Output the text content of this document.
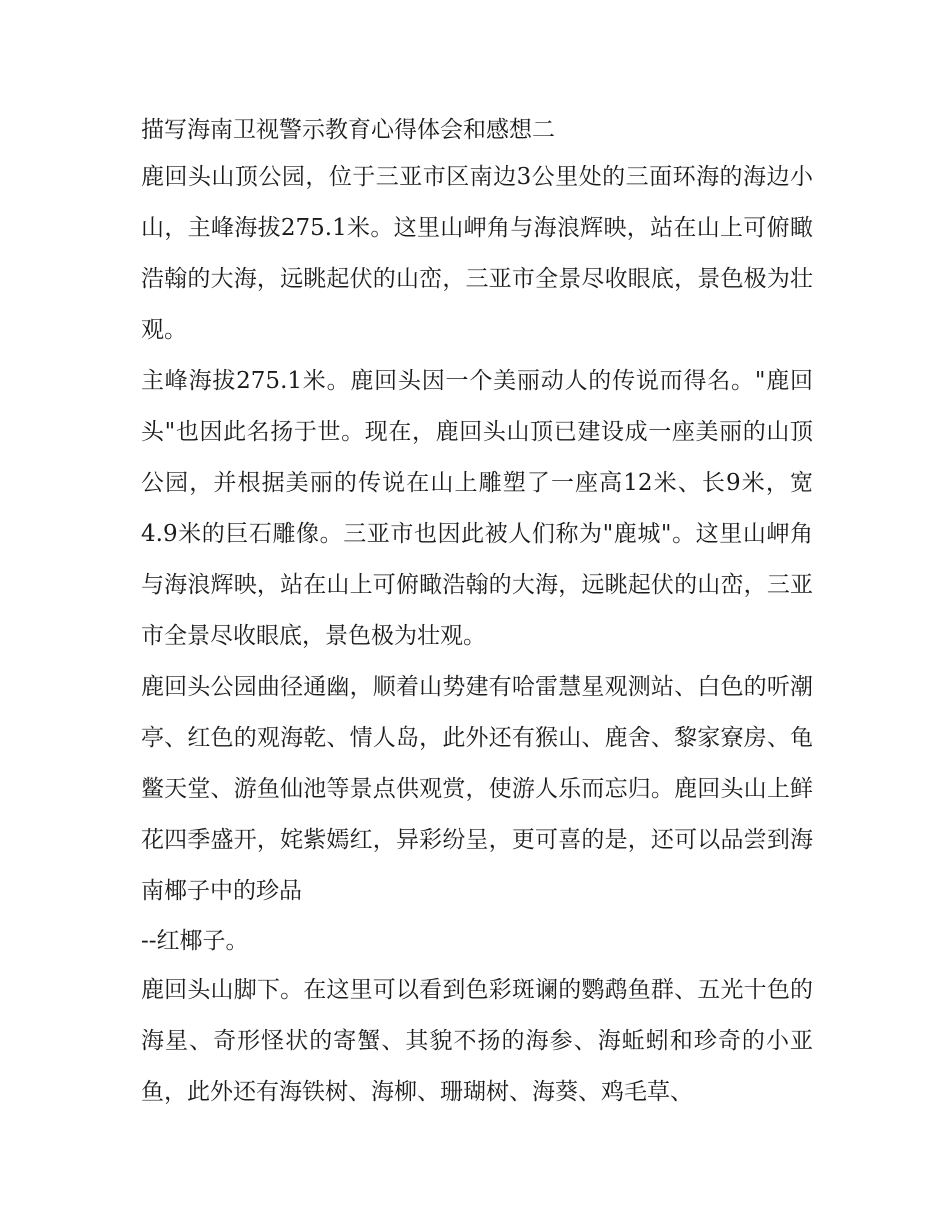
描写海南卫视警示教育心得体会和感想二

鹿回头山顶公园，位于三亚市区南边3公里处的三面环海的海边小山，主峰海拔275.1米。这里山岬角与海浪辉映，站在山上可俯瞰浩翰的大海，远眺起伏的山峦，三亚市全景尽收眼底，景色极为壮观。

主峰海拔275.1米。鹿回头因一个美丽动人的传说而得名。"鹿回头"也因此名扬于世。现在，鹿回头山顶已建设成一座美丽的山顶公园，并根据美丽的传说在山上雕塑了一座高12米、长9米，宽4.9米的巨石雕像。三亚市也因此被人们称为"鹿城"。这里山岬角与海浪辉映，站在山上可俯瞰浩翰的大海，远眺起伏的山峦，三亚市全景尽收眼底，景色极为壮观。

鹿回头公园曲径通幽，顺着山势建有哈雷慧星观测站、白色的听潮亭、红色的观海乾、情人岛，此外还有猴山、鹿舍、黎家寮房、龟鳖天堂、游鱼仙池等景点供观赏，使游人乐而忘归。鹿回头山上鲜花四季盛开，姹紫嫣红，异彩纷呈，更可喜的是，还可以品尝到海南椰子中的珍品

--红椰子。

鹿回头山脚下。在这里可以看到色彩斑谰的鹦鹉鱼群、五光十色的海星、奇形怪状的寄蟹、其貌不扬的海参、海蚯蚓和珍奇的小亚鱼，此外还有海铁树、海柳、珊瑚树、海葵、鸡毛草、
